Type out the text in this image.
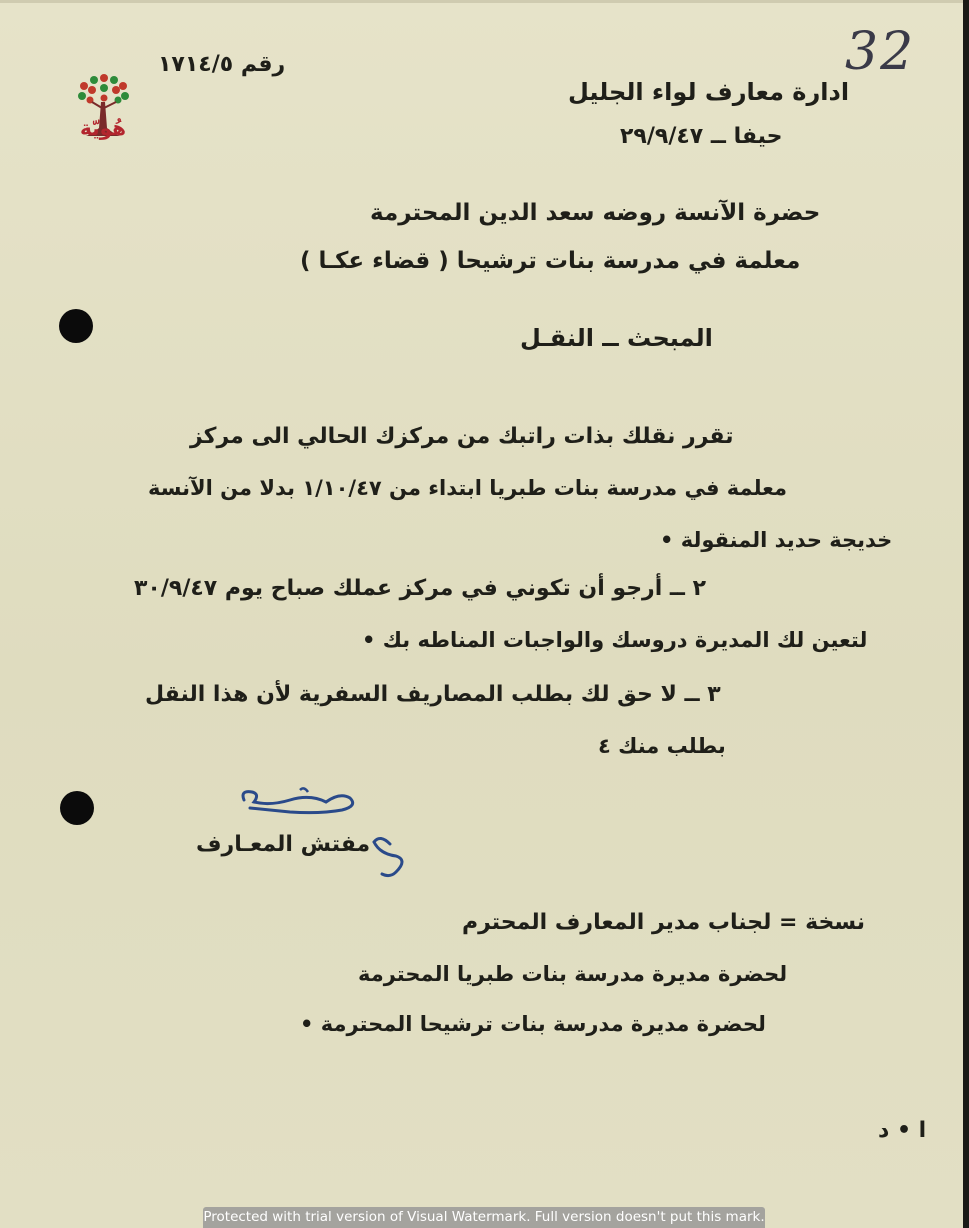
هُويّة
32
رقم ١٧١٤/٥
ادارة معارف لواء الجليل
حيفا ــ ٢٩/٩/٤٧
حضرة الآنسة روضه سعد الدين المحترمة
معلمة في مدرسة بنات ترشيحا ( قضاء عكـا )
المبحث ــ النقـل
تقرر نقلك بذات راتبك من مركزك الحالي الى مركز
معلمة في مدرسة بنات طبريا ابتداء من ١/١٠/٤٧ بدلا من الآنسة
خديجة حديد المنقولة •
٢ ــ أرجو أن تكوني في مركز عملك صباح يوم ٣٠/٩/٤٧
لتعين لك المديرة دروسك والواجبات المناطه بك •
٣ ــ لا حق لك بطلب المصاريف السفرية لأن هذا النقل
بطلب منك ٤
مفتش المعـارف
نسخة = لجناب مدير المعارف المحترم
لحضرة مديرة مدرسة بنات طبريا المحترمة
لحضرة مديرة مدرسة بنات ترشيحا المحترمة •
ا • د
Protected with trial version of Visual Watermark. Full version doesn't put this mark.
